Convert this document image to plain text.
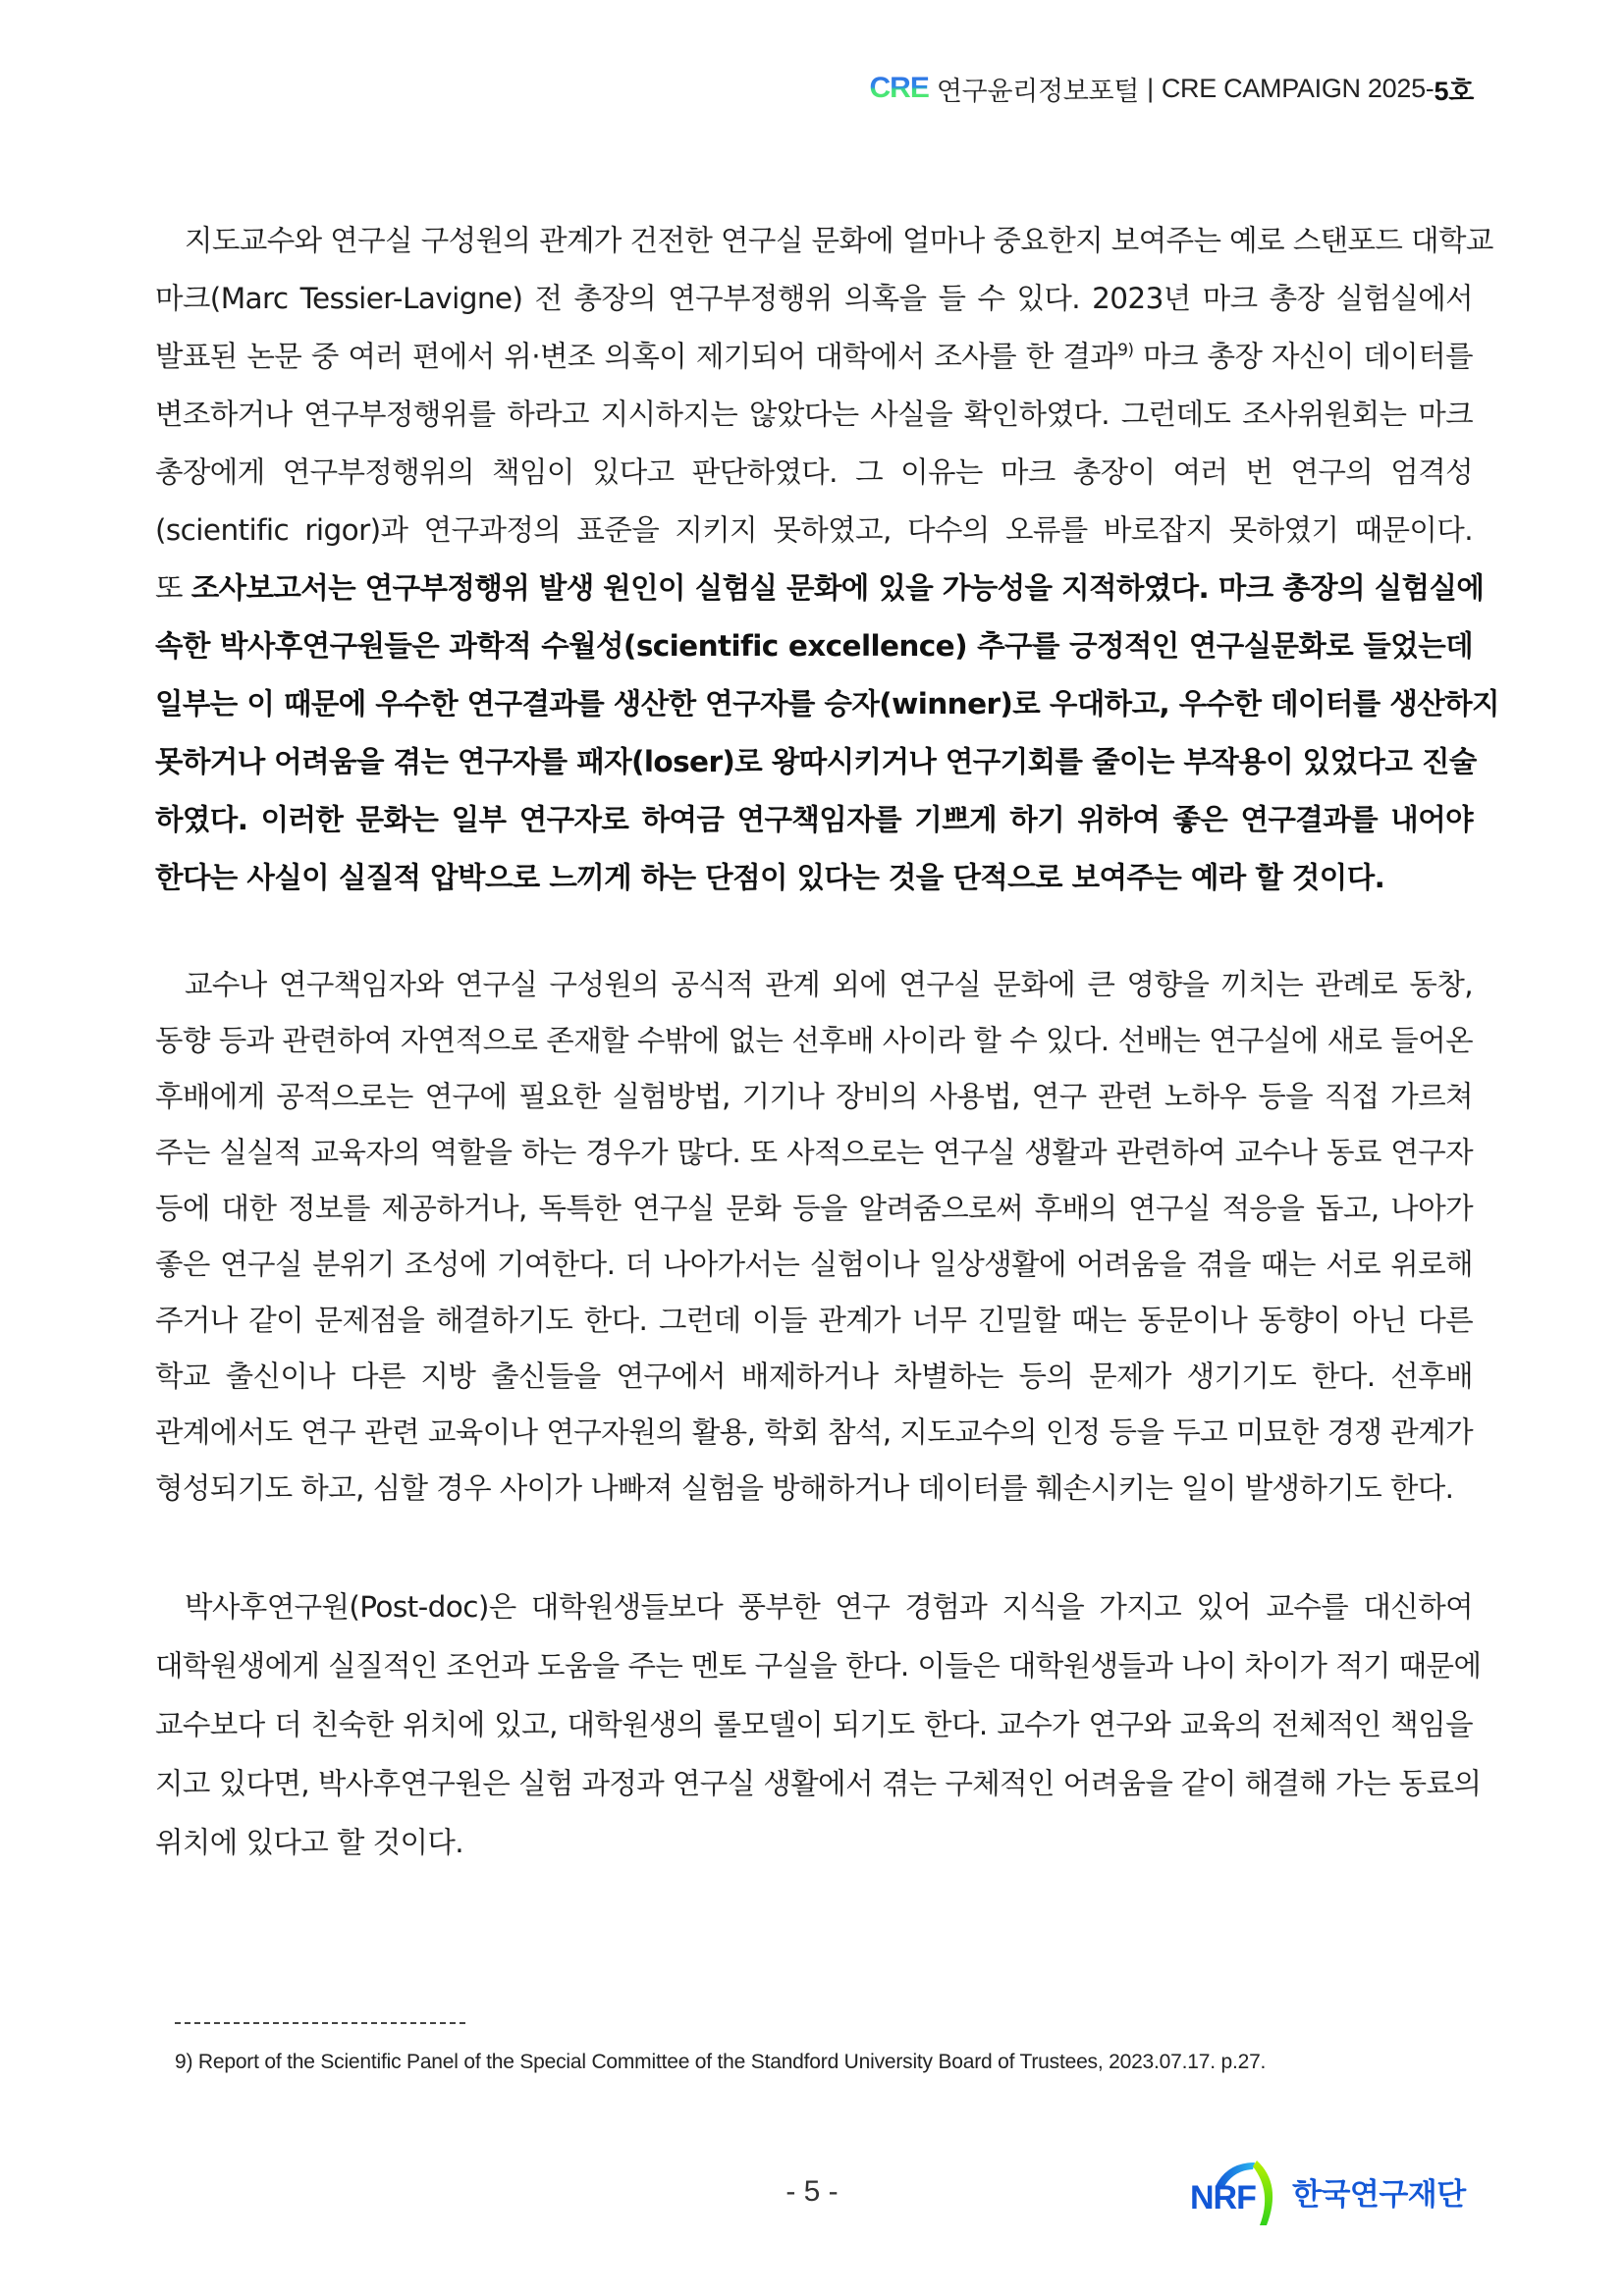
CRE 연구윤리정보포털 | CRE CAMPAIGN 2025- 5호
지도교수와 연구실 구성원의 관계가 건전한 연구실 문화에 얼마나 중요한지 보여주는 예로 스탠포드 대학교
마크(Marc Tessier-Lavigne) 전 총장의 연구부정행위 의혹을 들 수 있다. 2023년 마크 총장 실험실에서
발표된 논문 중 여러 편에서 위·변조 의혹이 제기되어 대학에서 조사를 한 결과$^{9)}$ 마크 총장 자신이 데이터를
변조하거나 연구부정행위를 하라고 지시하지는 않았다는 사실을 확인하였다. 그런데도 조사위원회는 마크
총장에게 연구부정행위의 책임이 있다고 판단하였다. 그 이유는 마크 총장이 여러 번 연구의 엄격성
(scientific rigor)과 연구과정의 표준을 지키지 못하였고, 다수의 오류를 바로잡지 못하였기 때문이다.
또 조사보고서는 연구부정행위 발생 원인이 실험실 문화에 있을 가능성을 지적하였다. 마크 총장의 실험실에
속한 박사후연구원들은 과학적 수월성(scientific excellence) 추구를 긍정적인 연구실문화로 들었는데
일부는 이 때문에 우수한 연구결과를 생산한 연구자를 승자(winner)로 우대하고, 우수한 데이터를 생산하지
못하거나 어려움을 겪는 연구자를 패자(loser)로 왕따시키거나 연구기회를 줄이는 부작용이 있었다고 진술
하였다. 이러한 문화는 일부 연구자로 하여금 연구책임자를 기쁘게 하기 위하여 좋은 연구결과를 내어야
한다는 사실이 실질적 압박으로 느끼게 하는 단점이 있다는 것을 단적으로 보여주는 예라 할 것이다.
교수나 연구책임자와 연구실 구성원의 공식적 관계 외에 연구실 문화에 큰 영향을 끼치는 관례로 동창,
동향 등과 관련하여 자연적으로 존재할 수밖에 없는 선후배 사이라 할 수 있다. 선배는 연구실에 새로 들어온
후배에게 공적으로는 연구에 필요한 실험방법, 기기나 장비의 사용법, 연구 관련 노하우 등을 직접 가르쳐
주는 실실적 교육자의 역할을 하는 경우가 많다. 또 사적으로는 연구실 생활과 관련하여 교수나 동료 연구자
등에 대한 정보를 제공하거나, 독특한 연구실 문화 등을 알려줌으로써 후배의 연구실 적응을 돕고, 나아가
좋은 연구실 분위기 조성에 기여한다. 더 나아가서는 실험이나 일상생활에 어려움을 겪을 때는 서로 위로해
주거나 같이 문제점을 해결하기도 한다. 그런데 이들 관계가 너무 긴밀할 때는 동문이나 동향이 아닌 다른
학교 출신이나 다른 지방 출신들을 연구에서 배제하거나 차별하는 등의 문제가 생기기도 한다. 선후배
관계에서도 연구 관련 교육이나 연구자원의 활용, 학회 참석, 지도교수의 인정 등을 두고 미묘한 경쟁 관계가
형성되기도 하고, 심할 경우 사이가 나빠져 실험을 방해하거나 데이터를 훼손시키는 일이 발생하기도 한다.
박사후연구원(Post-doc)은 대학원생들보다 풍부한 연구 경험과 지식을 가지고 있어 교수를 대신하여
대학원생에게 실질적인 조언과 도움을 주는 멘토 구실을 한다. 이들은 대학원생들과 나이 차이가 적기 때문에
교수보다 더 친숙한 위치에 있고, 대학원생의 롤모델이 되기도 한다. 교수가 연구와 교육의 전체적인 책임을
지고 있다면, 박사후연구원은 실험 과정과 연구실 생활에서 겪는 구체적인 어려움을 같이 해결해 가는 동료의
위치에 있다고 할 것이다.
9) Report of the Scientific Panel of the Special Committee of the Standford University Board of Trustees, 2023.07.17. p.27.
- 5 -	NRF 한국연구재단
